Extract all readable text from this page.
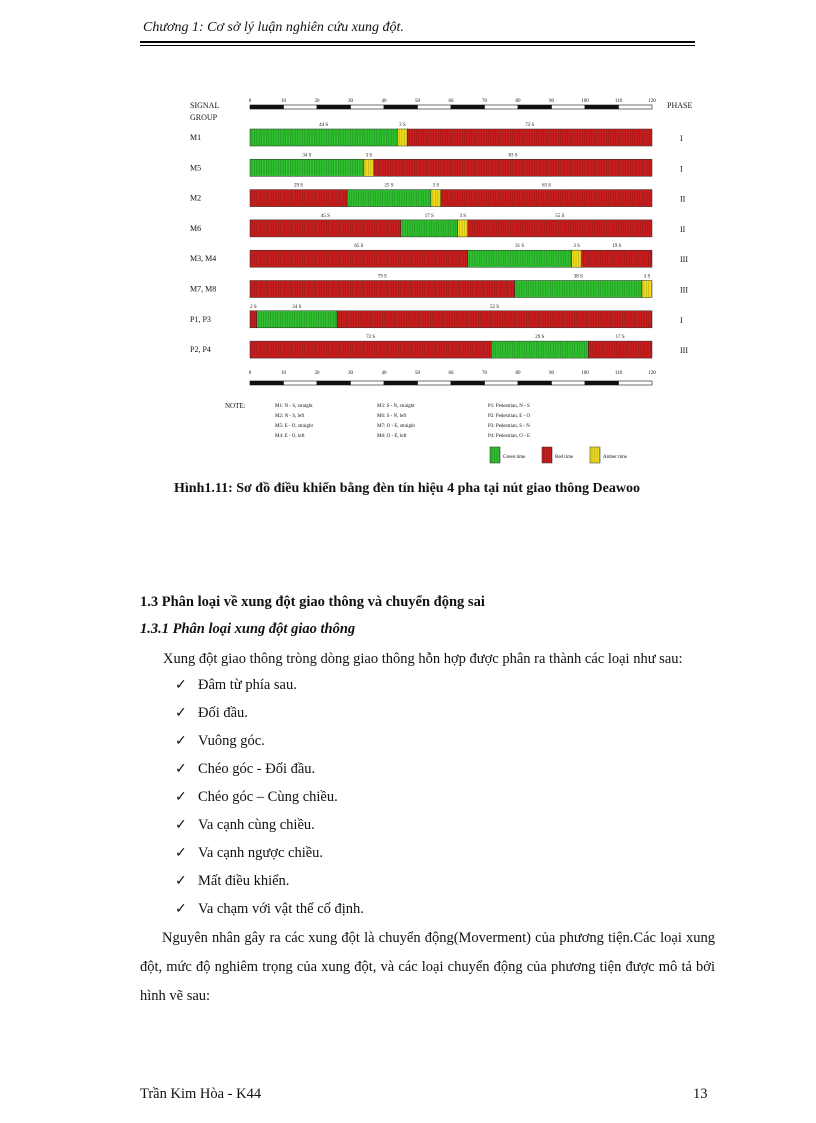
Chương 1: Cơ sở lý luận nghiên cứu xung đột.
SIGNAL
GROUP
PHASE
M1	I
M5	I
M2	II
M6	II
M3, M4	III
M7, M8	III
P1, P3	I
P2, P4	III
0	10	20	30	40	50	60	70	80	90	100	110	120
44 S	3 S	73 S
34 S	3 S	83 S
29 S	25 S	3 S	63 S
45 S	17 S	3 S	55 S
65 S	31 S	3 S	19 S
79 S	38 S	3 S
2 S	24 S	52 S
72 S	29 S	17 S
0	10	20	30	40	50	60	70	80	90	100	110	120
NOTE:	M1: N - S, straight
M2: N - S, left
M5: E - O, straight
M4: E - O, left
M3: S - N, straight
M6: S - N, left
M7: O - E, straight
M8: O - E, left
P1: Pedestrian, N - S
P2: Pedestrian, E - O
P3: Pedestrian, S - N
P4: Pedestrian, O - E
Green time	Red time	Amber time
Hình1.11: Sơ đồ điều khiển bằng đèn tín hiệu 4 pha tại nút giao thông Deawoo
1.3 Phân loại về xung đột giao thông và chuyển động sai
1.3.1 Phân loại xung đột giao thông
Xung đột giao thông tròng dòng giao thông hỗn hợp được phân ra thành các loại như sau:
✓ Đâm từ phía sau.
✓ Đối đầu.
✓ Vuông góc.
✓ Chéo góc - Đối đầu.
✓ Chéo góc – Cùng chiều.
✓ Va cạnh cùng chiều.
✓ Va cạnh ngược chiều.
✓ Mất điều khiển.
✓ Va chạm với vật thể cố định.

Nguyên nhân gây ra các xung đột là chuyển động(Moverment) của phương tiện.Các loại xung đột, mức độ nghiêm trọng của xung đột, và các loại chuyển động của phương tiện được mô tả bởi hình vẽ sau:

Trần Kim Hòa - K44	13
